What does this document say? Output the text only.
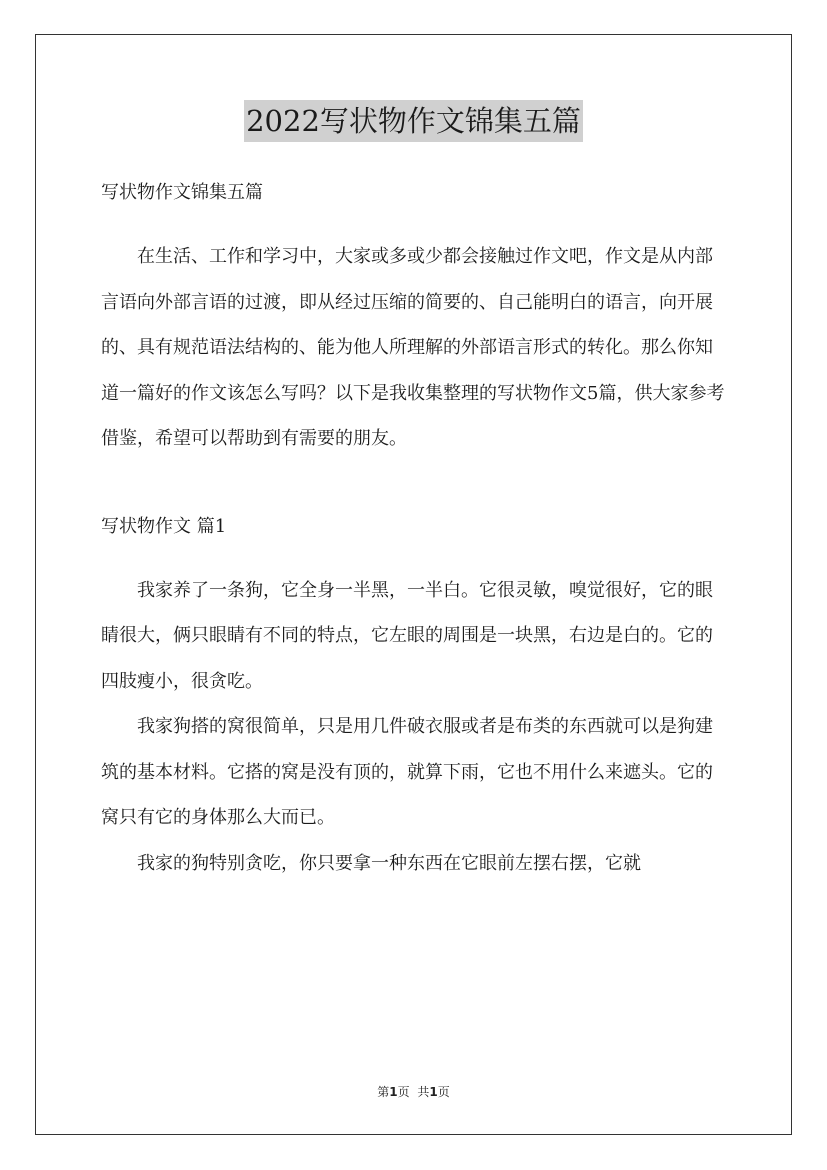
2022写状物作文锦集五篇

写状物作文锦集五篇

在生活、工作和学习中，大家或多或少都会接触过作文吧，作文是从内部言语向外部言语的过渡，即从经过压缩的简要的、自己能明白的语言，向开展的、具有规范语法结构的、能为他人所理解的外部语言形式的转化。那么你知道一篇好的作文该怎么写吗？以下是我收集整理的写状物作文5篇，供大家参考借鉴，希望可以帮助到有需要的朋友。

写状物作文 篇1

我家养了一条狗，它全身一半黑，一半白。它很灵敏，嗅觉很好，它的眼睛很大，俩只眼睛有不同的特点，它左眼的周围是一块黑，右边是白的。它的四肢瘦小，很贪吃。

我家狗搭的窝很简单，只是用几件破衣服或者是布类的东西就可以是狗建筑的基本材料。它搭的窝是没有顶的，就算下雨，它也不用什么来遮头。它的窝只有它的身体那么大而已。

我家的狗特别贪吃，你只要拿一种东西在它眼前左摆右摆，它就

第1页 共1页
